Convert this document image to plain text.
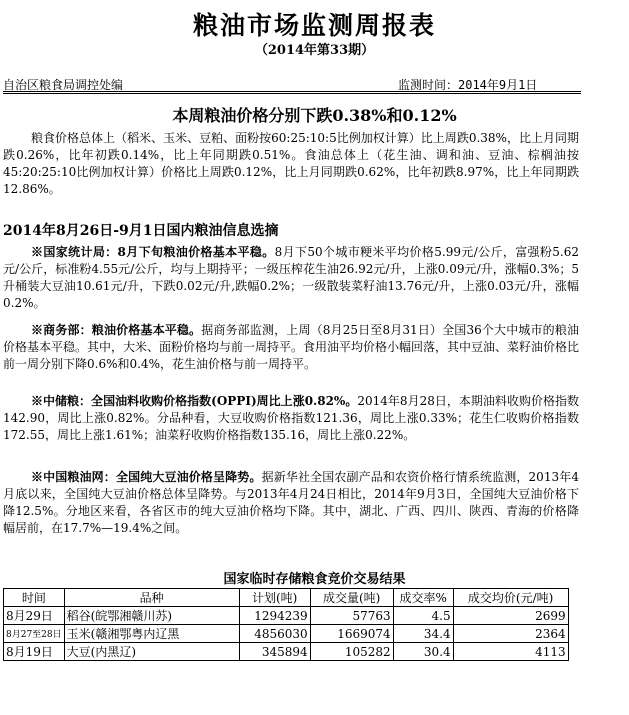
粮油市场监测周报表
（2014年第33期）
自治区粮食局调控处编	监测时间：2014年9月1日
本周粮油价格分别下跌0.38%和0.12%
粮食价格总体上（稻米、玉米、豆粕、面粉按60:25:10:5比例加权计算）比上周跌0.38%，比上月同期跌0.26%，比年初跌0.14%，比上年同期跌0.51%。食油总体上（花生油、调和油、豆油、棕榈油按45:20:25:10比例加权计算）价格比上周跌0.12%，比上月同期跌0.62%，比年初跌8.97%，比上年同期跌12.86%。
2014年8月26日-9月1日国内粮油信息选摘
※国家统计局：8月下旬粮油价格基本平稳。8月下50个城市粳米平均价格5.99元/公斤，富强粉5.62元/公斤，标准粉4.55元/公斤，均与上期持平；一级压榨花生油26.92元/升，上涨0.09元/升，涨幅0.3%；5升桶装大豆油10.61元/升，下跌0.02元/升,跌幅0.2%；一级散装菜籽油13.76元/升，上涨0.03元/升，涨幅0.2%。
※商务部：粮油价格基本平稳。据商务部监测，上周（8月25日至8月31日）全国36个大中城市的粮油价格基本平稳。其中，大米、面粉价格均与前一周持平。食用油平均价格小幅回落，其中豆油、菜籽油价格比前一周分别下降0.6%和0.4%，花生油价格与前一周持平。
※中储粮：全国油料收购价格指数(OPPI)周比上涨0.82%。2014年8月28日，本期油料收购价格指数142.90，周比上涨0.82%。分品种看，大豆收购价格指数121.36，周比上涨0.33%；花生仁收购价格指数172.55，周比上涨1.61%；油菜籽收购价格指数135.16，周比上涨0.22%。
※中国粮油网：全国纯大豆油价格呈降势。据新华社全国农副产品和农资价格行情系统监测，2013年4月底以来，全国纯大豆油价格总体呈降势。与2013年4月24日相比，2014年9月3日，全国纯大豆油价格下降12.5%。分地区来看，各省区市的纯大豆油价格均下降。其中，湖北、广西、四川、陕西、青海的价格降幅居前，在17.7%—19.4%之间。
国家临时存储粮食竞价交易结果
时间	品种	计划(吨)	成交量(吨)	成交率%	成交均价(元/吨)
8月29日	稻谷(皖鄂湘赣川苏)	1294239	57763	4.5	2699
8月27至28日	玉米(赣湘鄂粤内辽黑	4856030	1669074	34.4	2364
8月19日	大豆(内黑辽)	345894	105282	30.4	4113
